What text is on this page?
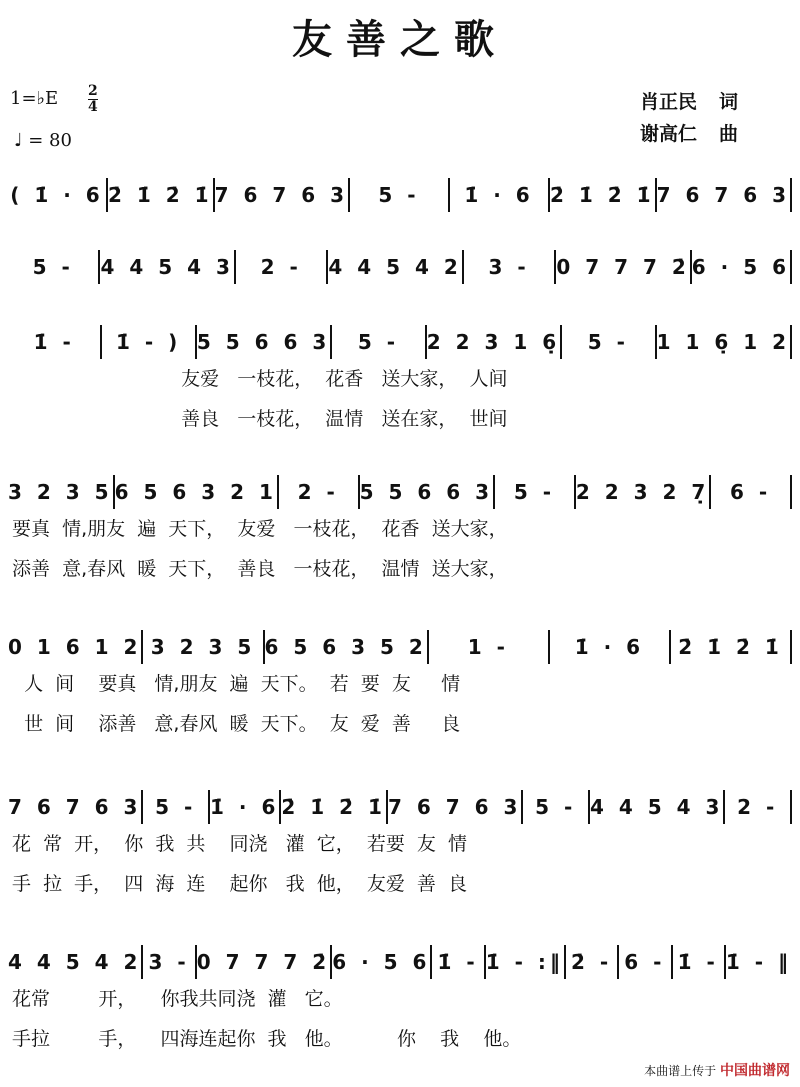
友善之歌
1=♭E 2
4
♩ = 80
肖正民 词
谢高仁 曲
( 1̇ · 6 2̇ 1̇ 2̇ 1̇ 7 6 7 6 3	5 -	1̇ · 6 2̇ 1̇ 2̇ 1̇ 7 6 7 6 3
5 -	4 4 5 4 3	2 -	4 4 5 4 2	3 -	0 7 7 7 2̇ 6 · 5 6
1̇ -	1̇ - ) 5 5 6 6 3	5 -	2 2 3 1 6̣	5 -	1 1 6̣ 1 2
友爱   一枝花，  花香   送大家，  人间
善良   一枝花，  温情   送在家，  世间
3 2 3 5 6 5 6 3 2 1	2 -	5 5 6 6 3	5 -	2 2 3 2 7̣	6 -
要真  情,朋友  遍  天下，  友爱   一枝花，  花香  送大家，
添善  意,春风  暖  天下，  善良   一枝花，  温情  送大家，
0 1 6 1 2 3 2 3 5 6 5 6 3 5 2	1 -	1̇ · 6	2̇ 1̇ 2̇ 1̇
人  间    要真   情,朋友  遍  天下。  若  要  友     情
世  间    添善   意,春风  暖  天下。  友  爱  善     良
7 6 7 6 3 5 - 1̇ · 6 2̇ 1̇ 2̇ 1̇ 7 6 7 6 3 5 - 4 4 5 4 3 2 -
花  常  开，  你  我  共    同浇   灌  它，  若要  友  情
手  拉  手，  四  海  连    起你   我  他，  友爱  善  良
4 4 5 4 2 3 - 0 7 7 7 2̇ 6 · 5 6 1̇ - 1̇ - :‖ 2̇ - 6 - 1̇ - 1̇ - ‖
花常        开，    你我共同浇  灌   它。
手拉        手，    四海连起你  我   他。         你    我    他。
本曲谱上传于 中国曲谱网
